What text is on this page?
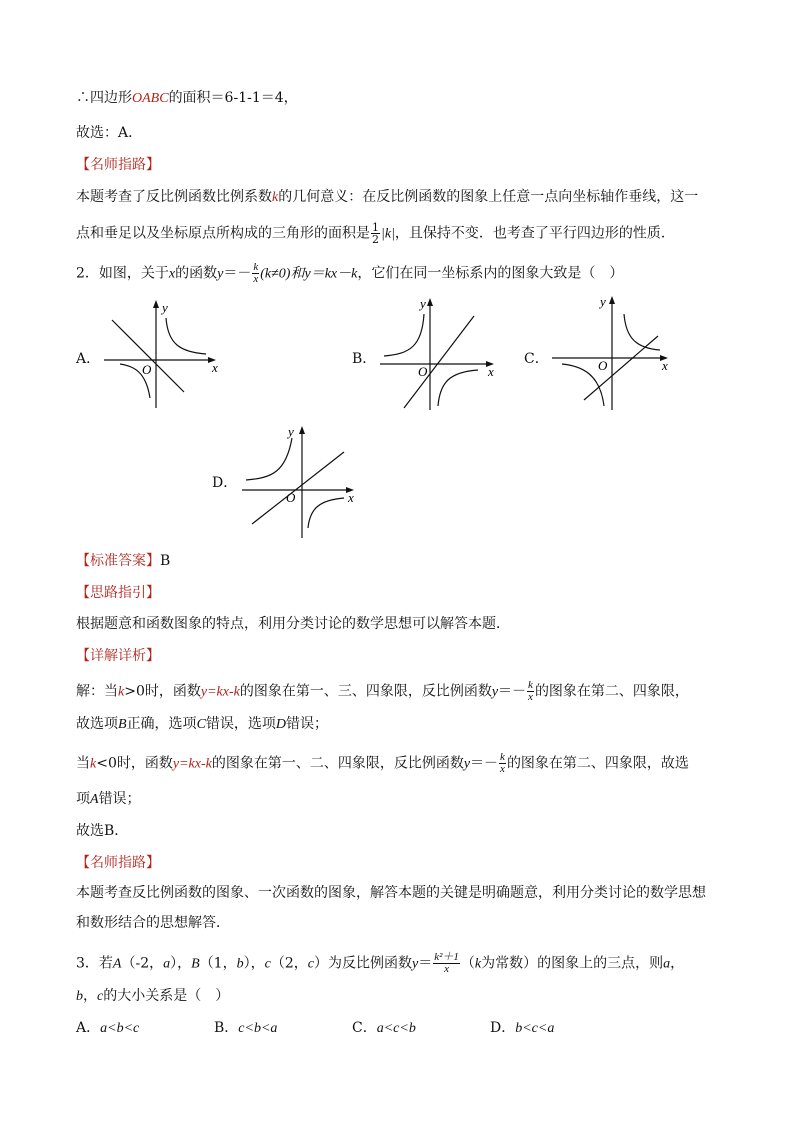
∴四边形OABC的面积＝6-1-1＝4，
故选：A．
【名师指路】
本题考查了反比例函数比例系数k的几何意义：在反比例函数的图象上任意一点向坐标轴作垂线，这一
点和垂足以及坐标原点所构成的三角形的面积是 $\frac{1}{2} |k|$，且保持不变．也考查了平行四边形的性质．
2．如图，关于x的函数$y=- \frac{k}{x} (k\ne 0)$和y＝kx－k，它们在同一坐标系内的图象大致是（　）
A．
x
y
O
B．
x
y
O
C．	x
y
O
D．
x
y
O
【标准答案】B
【思路指引】
根据题意和函数图象的特点，利用分类讨论的数学思想可以解答本题．
【详解详析】
解：当k>0时，函数y=kx-k的图象在第一、三、四象限，反比例函数$y=- \frac{k}{x}$ 的图象在第二、四象限，
故选项B正确，选项C错误，选项D错误；
当k<0时，函数y=kx-k的图象在第一、二、四象限，反比例函数$y=- \frac{k}{x}$ 的图象在第二、四象限，故选
项A错误；
故选B．
【名师指路】
本题考查反比例函数的图象、一次函数的图象，解答本题的关键是明确题意，利用分类讨论的数学思想
和数形结合的思想解答．
3．若A（-2，a），B（1，b），c（2，c）为反比例函数$y= \frac{\text{k²＋1}}{x} (k$为常数）的图象上的三点，则a，
b，c的大小关系是（　）
A．a<b<c	B．c<b<a	C．a<c<b	D．b<c<a
